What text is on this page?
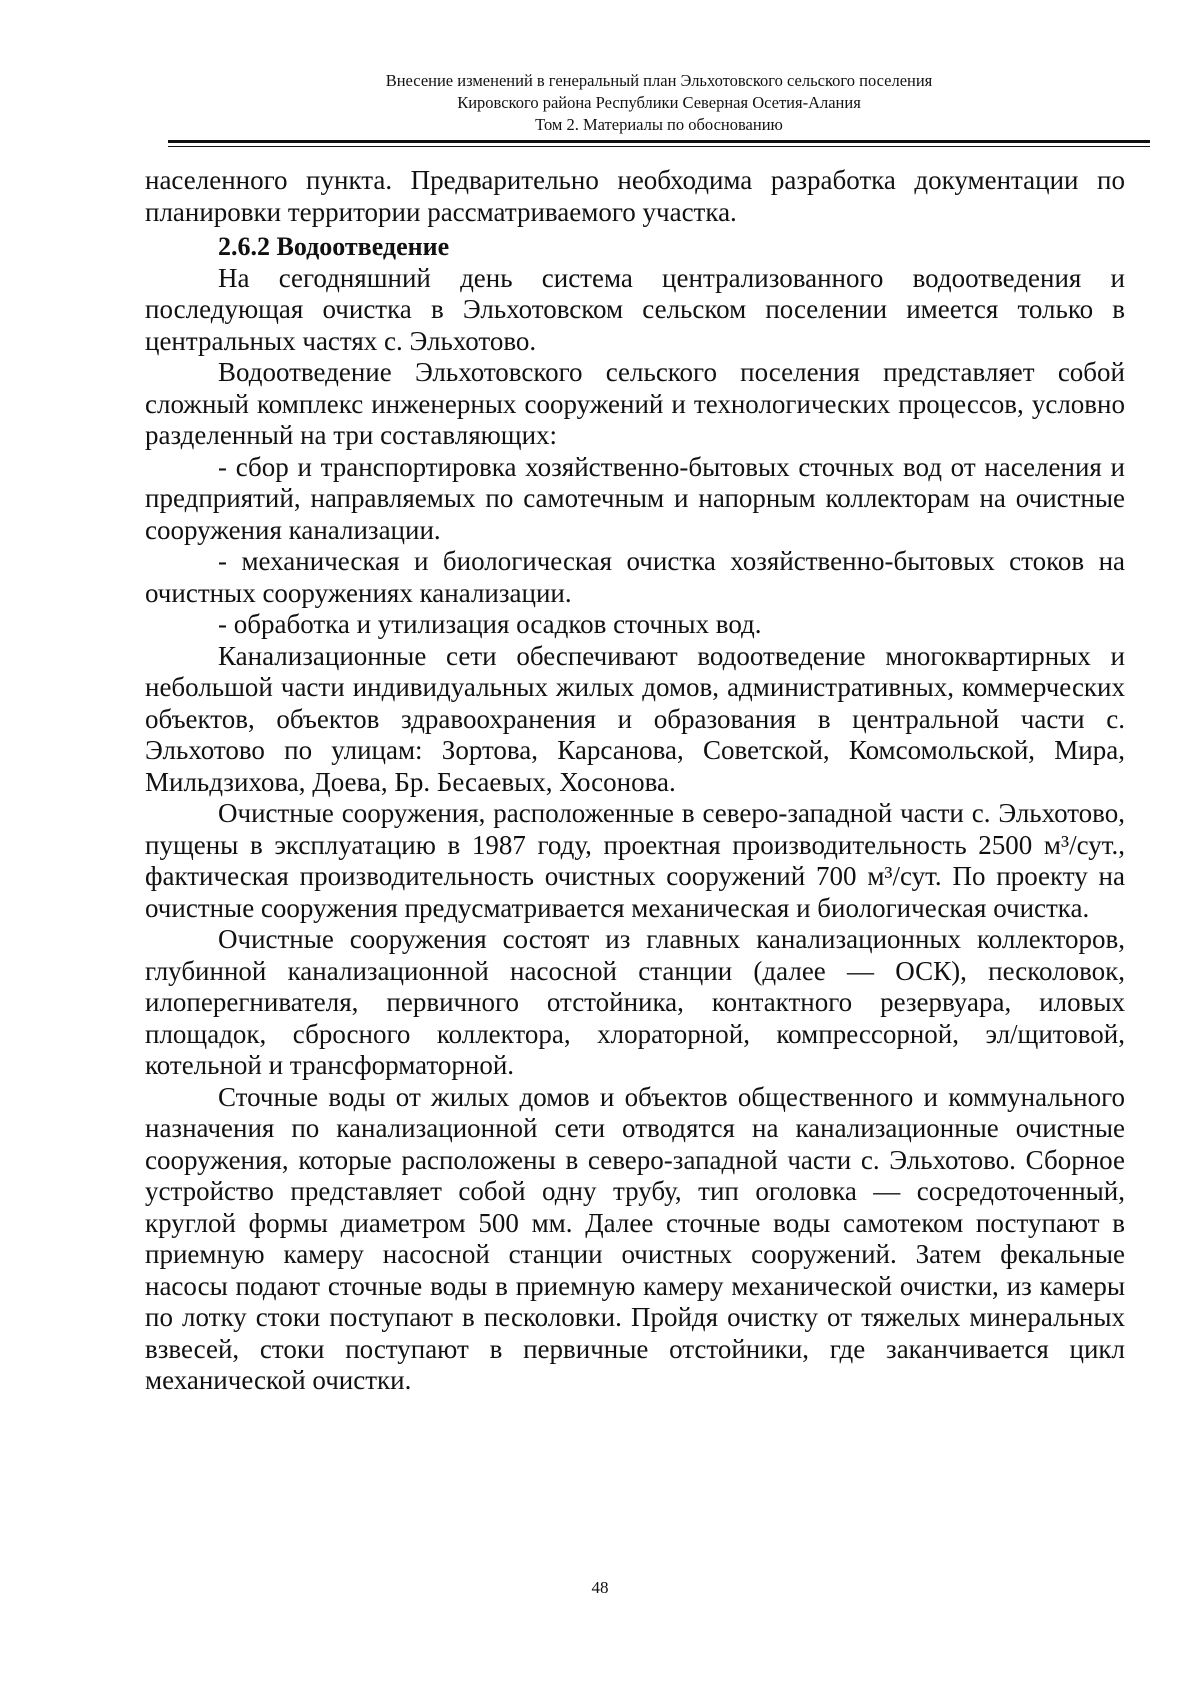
Внесение изменений в генеральный план Эльхотовского сельского поселения
Кировского района Республики Северная Осетия-Алания
Том 2. Материалы по обоснованию

населенного пункта. Предварительно необходима разработка документации по планировки территории рассматриваемого участка.

2.6.2 Водоотведение

На сегодняшний день система централизованного водоотведения и последующая очистка в Эльхотовском сельском поселении имеется только в центральных частях с. Эльхотово.

Водоотведение Эльхотовского сельского поселения представляет собой сложный комплекс инженерных сооружений и технологических процессов, условно разделенный на три составляющих:

- сбор и транспортировка хозяйственно-бытовых сточных вод от населения и предприятий, направляемых по самотечным и напорным коллекторам на очистные сооружения канализации.

- механическая и биологическая очистка хозяйственно-бытовых стоков на очистных сооружениях канализации.

- обработка и утилизация осадков сточных вод.

Канализационные сети обеспечивают водоотведение многоквартирных и небольшой части индивидуальных жилых домов, административных, коммерческих объектов, объектов здравоохранения и образования в центральной части с. Эльхотово по улицам: Зортова, Карсанова, Советской, Комсомольской, Мира, Мильдзихова, Доева, Бр. Бесаевых, Хосонова.

Очистные сооружения, расположенные в северо-западной части с. Эльхотово, пущены в эксплуатацию в 1987 году, проектная производительность 2500 м³/сут., фактическая производительность очистных сооружений 700 м³/сут. По проекту на очистные сооружения предусматривается механическая и биологическая очистка.

Очистные сооружения состоят из главных канализационных коллекторов, глубинной канализационной насосной станции (далее — ОСК), песколовок, илоперегнивателя, первичного отстойника, контактного резервуара, иловых площадок, сбросного коллектора, хлораторной, компрессорной, эл/щитовой, котельной и трансформаторной.

Сточные воды от жилых домов и объектов общественного и коммунального назначения по канализационной сети отводятся на канализационные очистные сооружения, которые расположены в северо-западной части с. Эльхотово. Сборное устройство представляет собой одну трубу, тип оголовка — сосредоточенный, круглой формы диаметром 500 мм. Далее сточные воды самотеком поступают в приемную камеру насосной станции очистных сооружений. Затем фекальные насосы подают сточные воды в приемную камеру механической очистки, из камеры по лотку стоки поступают в песколовки. Пройдя очистку от тяжелых минеральных взвесей, стоки поступают в первичные отстойники, где заканчивается цикл механической очистки.

48
